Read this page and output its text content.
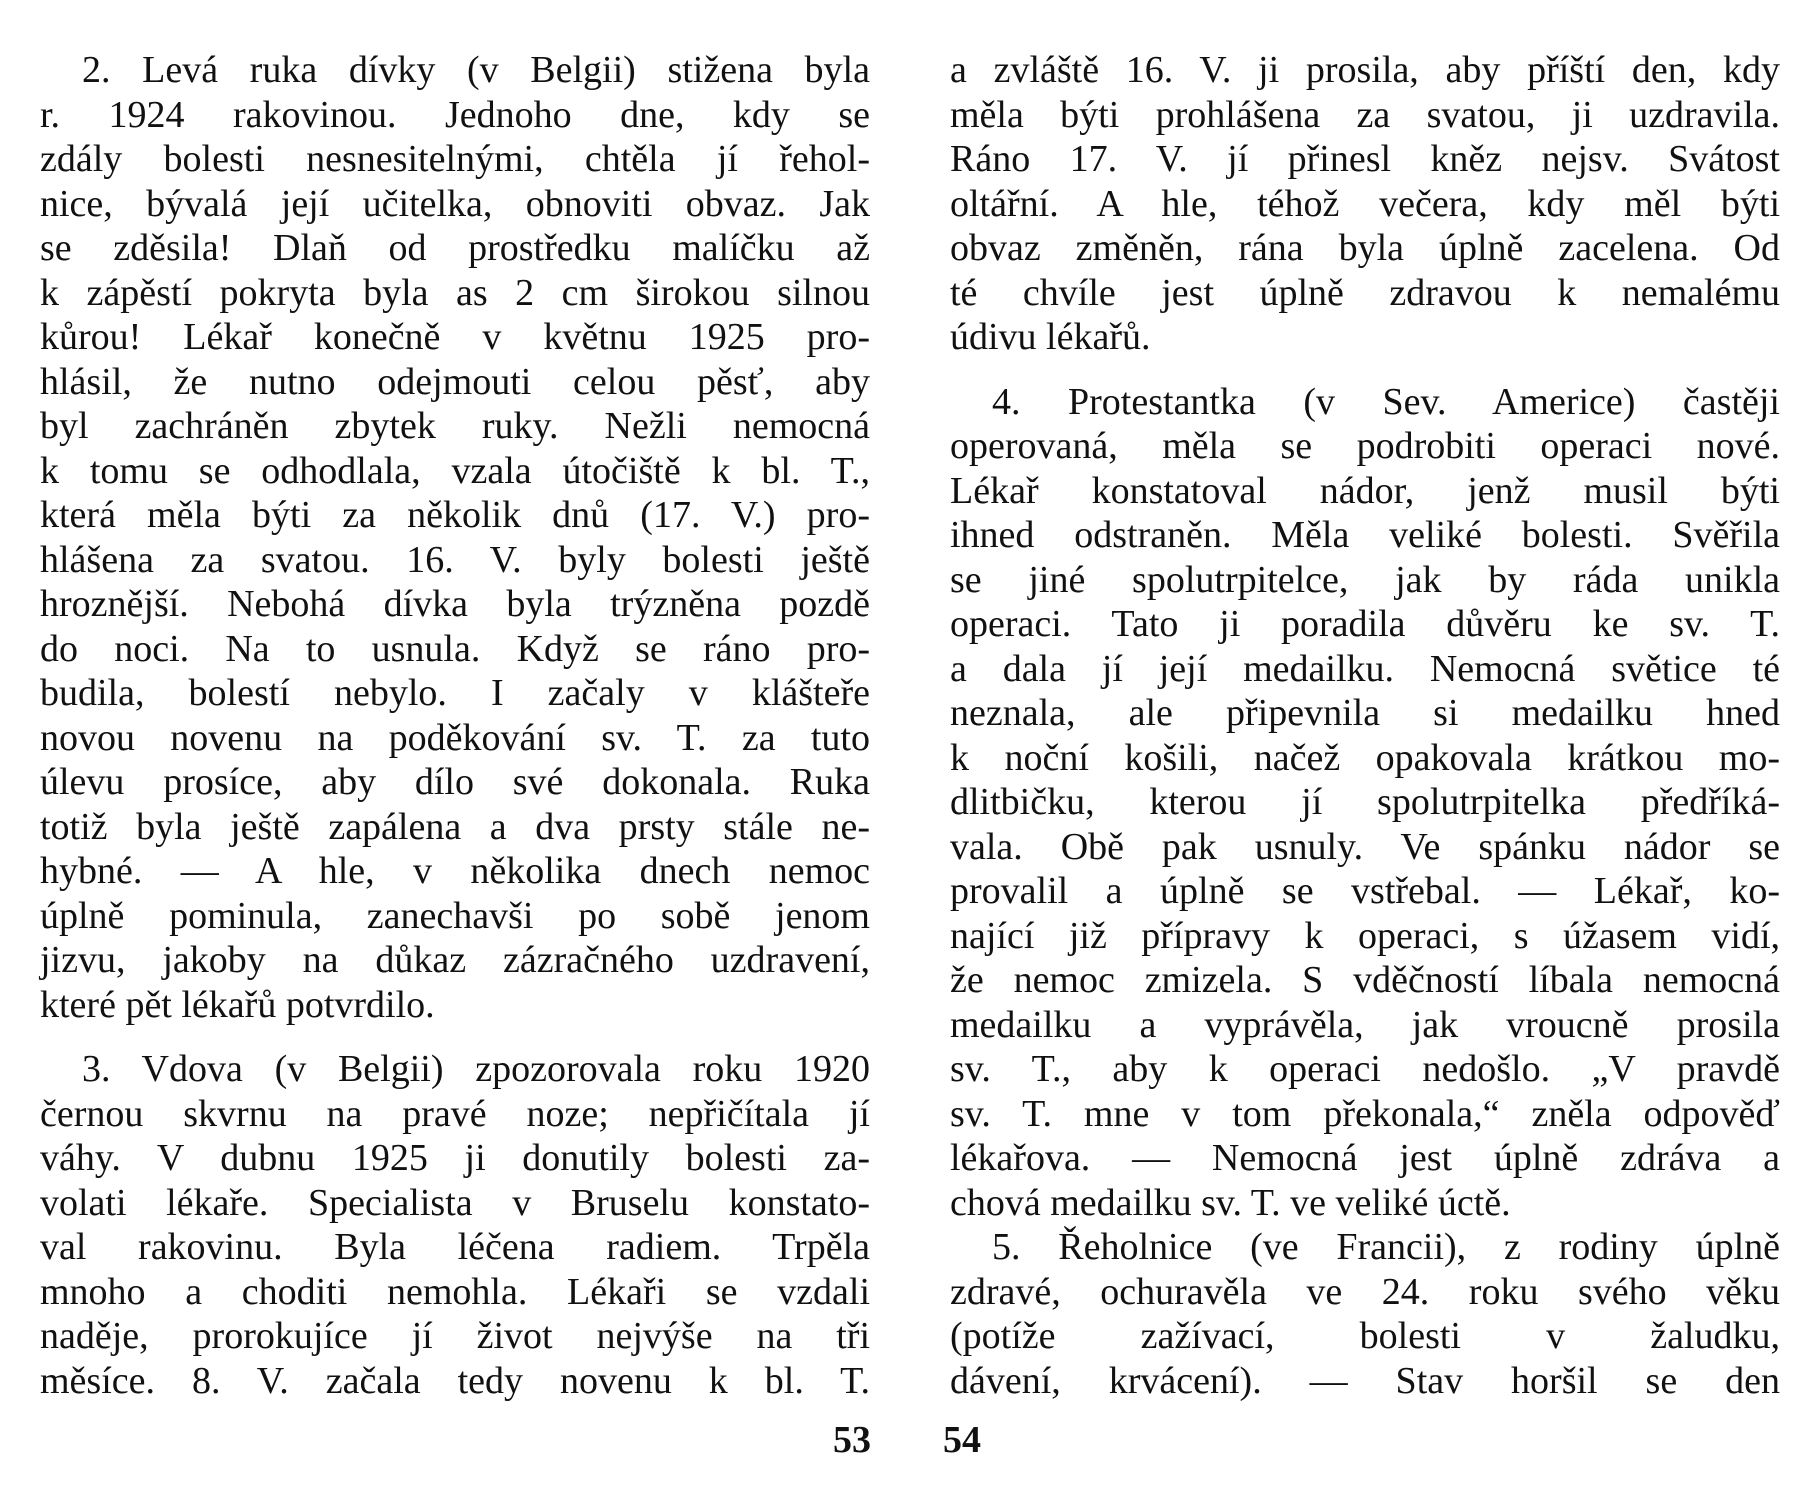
2. Levá ruka dívky (v Belgii) stižena byla
r. 1924 rakovinou. Jednoho dne, kdy se
zdály bolesti nesnesitelnými, chtěla jí řehol-
nice, bývalá její učitelka, obnoviti obvaz. Jak
se zděsila! Dlaň od prostředku malíčku až
k zápěstí pokryta byla as 2 cm širokou silnou
kůrou! Lékař konečně v květnu 1925 pro-
hlásil, že nutno odejmouti celou pěsť, aby
byl zachráněn zbytek ruky. Nežli nemocná
k tomu se odhodlala, vzala útočiště k bl. T.,
která měla býti za několik dnů (17. V.) pro-
hlášena za svatou. 16. V. byly bolesti ještě
hroznější. Nebohá dívka byla trýzněna pozdě
do noci. Na to usnula. Když se ráno pro-
budila, bolestí nebylo. I začaly v klášteře
novou novenu na poděkování sv. T. za tuto
úlevu prosíce, aby dílo své dokonala. Ruka
totiž byla ještě zapálena a dva prsty stále ne-
hybné. — A hle, v několika dnech nemoc
úplně pominula, zanechavši po sobě jenom
jizvu, jakoby na důkaz zázračného uzdravení,
které pět lékařů potvrdilo.
3. Vdova (v Belgii) zpozorovala roku 1920
černou skvrnu na pravé noze; nepřičítala jí
váhy. V dubnu 1925 ji donutily bolesti za-
volati lékaře. Specialista v Bruselu konstato-
val rakovinu. Byla léčena radiem. Trpěla
mnoho a choditi nemohla. Lékaři se vzdali
naděje, prorokujíce jí život nejvýše na tři
měsíce. 8. V. začala tedy novenu k bl. T.
a zvláště 16. V. ji prosila, aby příští den, kdy
měla býti prohlášena za svatou, ji uzdravila.
Ráno 17. V. jí přinesl kněz nejsv. Svátost
oltářní. A hle, téhož večera, kdy měl býti
obvaz změněn, rána byla úplně zacelena. Od
té chvíle jest úplně zdravou k nemalému
údivu lékařů.
4. Protestantka (v Sev. Americe) častěji
operovaná, měla se podrobiti operaci nové.
Lékař konstatoval nádor, jenž musil býti
ihned odstraněn. Měla veliké bolesti. Svěřila
se jiné spolutrpitelce, jak by ráda unikla
operaci. Tato ji poradila důvěru ke sv. T.
a dala jí její medailku. Nemocná světice té
neznala, ale připevnila si medailku hned
k noční košili, načež opakovala krátkou mo-
dlitbičku, kterou jí spolutrpitelka předříká-
vala. Obě pak usnuly. Ve spánku nádor se
provalil a úplně se vstřebal. — Lékař, ko-
nající již přípravy k operaci, s úžasem vidí,
že nemoc zmizela. S vděčností líbala nemocná
medailku a vyprávěla, jak vroucně prosila
sv. T., aby k operaci nedošlo. „V pravdě
sv. T. mne v tom překonala,“ zněla odpověď
lékařova. — Nemocná jest úplně zdráva a
chová medailku sv. T. ve veliké úctě.
5. Řeholnice (ve Francii), z rodiny úplně
zdravé, ochuravěla ve 24. roku svého věku
(potíže zažívací, bolesti v žaludku,
dávení, krvácení). — Stav horšil se den
53 54
